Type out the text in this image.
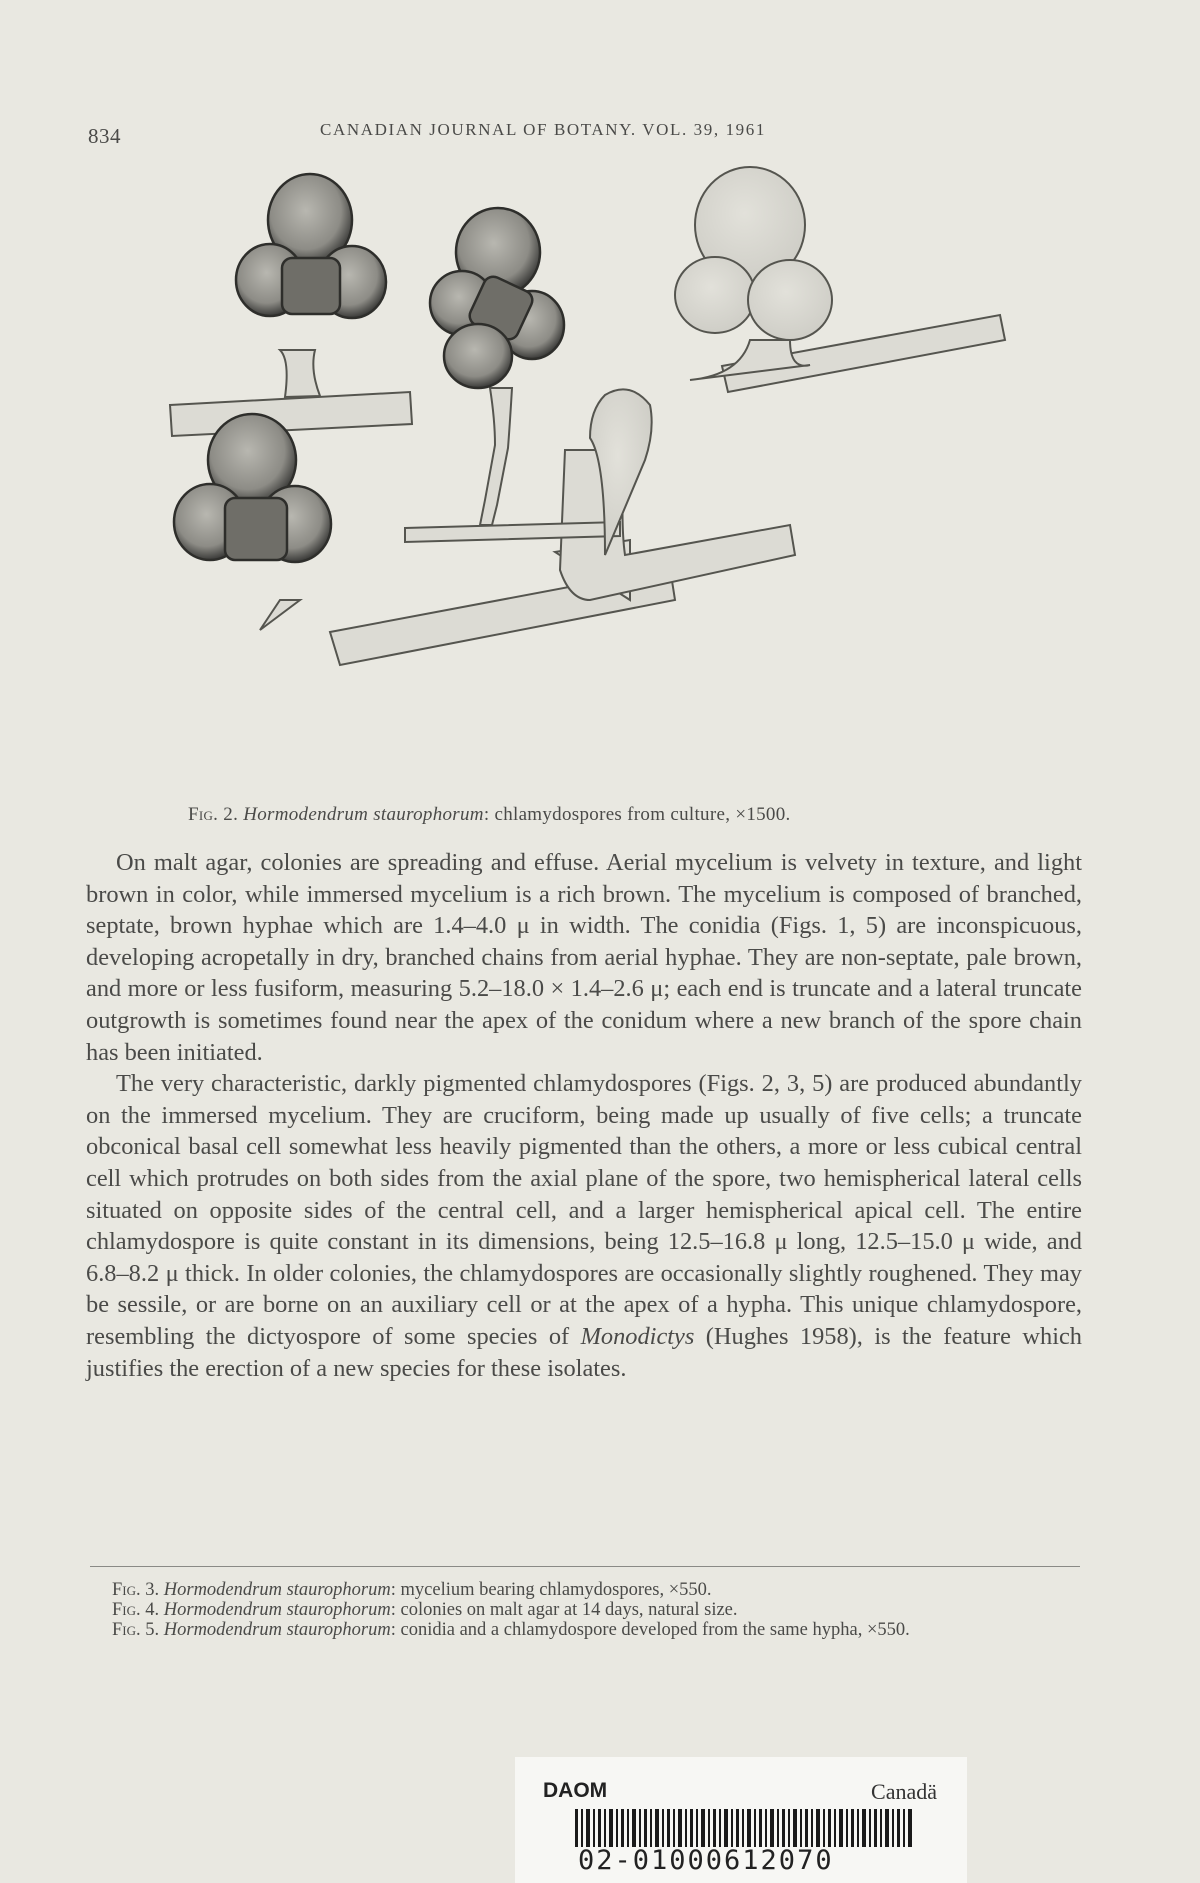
834	CANADIAN JOURNAL OF BOTANY. VOL. 39, 1961
Fig. 2. Hormodendrum staurophorum: chlamydospores from culture, ×1500.

On malt agar, colonies are spreading and effuse. Aerial mycelium is velvety in texture, and light brown in color, while immersed mycelium is a rich brown. The mycelium is composed of branched, septate, brown hyphae which are 1.4–4.0 μ in width. The conidia (Figs. 1, 5) are inconspicuous, developing acropetally in dry, branched chains from aerial hyphae. They are non-septate, pale brown, and more or less fusiform, measuring 5.2–18.0 × 1.4–2.6 μ; each end is truncate and a lateral truncate outgrowth is sometimes found near the apex of the conidum where a new branch of the spore chain has been initiated.

The very characteristic, darkly pigmented chlamydospores (Figs. 2, 3, 5) are produced abundantly on the immersed mycelium. They are cruciform, being made up usually of five cells; a truncate obconical basal cell somewhat less heavily pigmented than the others, a more or less cubical central cell which protrudes on both sides from the axial plane of the spore, two hemispherical lateral cells situated on opposite sides of the central cell, and a larger hemispherical apical cell. The entire chlamydospore is quite constant in its dimensions, being 12.5–16.8 μ long, 12.5–15.0 μ wide, and 6.8–8.2 μ thick. In older colonies, the chlamydospores are occasionally slightly roughened. They may be sessile, or are borne on an auxiliary cell or at the apex of a hypha. This unique chlamydospore, resembling the dictyospore of some species of Monodictys (Hughes 1958), is the feature which justifies the erection of a new species for these isolates.

Fig. 3. Hormodendrum staurophorum: mycelium bearing chlamydospores, ×550.
Fig. 4. Hormodendrum staurophorum: colonies on malt agar at 14 days, natural size.
Fig. 5. Hormodendrum staurophorum: conidia and a chlamydospore developed from the same hypha, ×550.
DAOM	Canadä
02-01000612070
